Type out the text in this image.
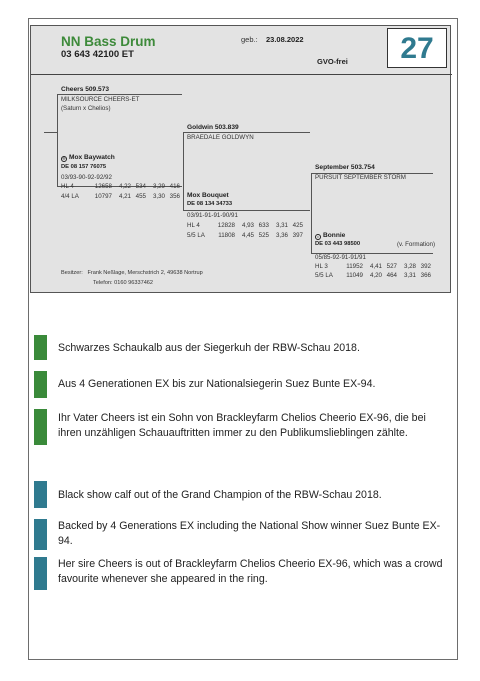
NN Bass Drum
03 643 42100 ET
geb.: 23.08.2022
GVO-frei	27
Cheers 509.573
MILKSOURCE CHEERS-ET
(Saturn x Chelios)
® Mox Baywatch
DE 08 157 76075
03/93-90-92-92/92
HL 4	12658 4,22 534 3,29 416
4/4 LA	10797 4,21 455 3,30 356
Goldwin 503.839
BRAEDALE GOLDWYN
Mox Bouquet
DE 08 134 34733
03/91-91-91-90/91
HL 4	12828 4,93 633 3,31 425
5/5 LA 11808 4,45 525 3,36 397
September 503.754
PURSUIT SEPTEMBER STORM
• Bonnie
DE 03 443 98500	(v. Formation)
05/85-92-91-91/91
HL 3	11952 4,41 527 3,28 392
5/5 LA 11049 4,20 464 3,31 366
Besitzer: Frank Neßlage, Merschstrich 2, 49638 Nortrup
Telefon: 0160 96337462
Schwarzes Schaukalb aus der Siegerkuh der RBW-Schau 2018.
Aus 4 Generationen EX bis zur Nationalsiegerin Suez Bunte EX-94.
Ihr Vater Cheers ist ein Sohn von Brackleyfarm Chelios Cheerio EX-96, die bei ihren unzähligen Schauauftritten immer zu den Publikumslieblingen zählte.
Black show calf out of the Grand Champion of the RBW-Schau 2018.
Backed by 4 Generations EX including the National Show winner Suez Bunte EX-94.
Her sire Cheers is out of Brackleyfarm Chelios Cheerio EX-96, which was a crowd favourite whenever she appeared in the ring.
